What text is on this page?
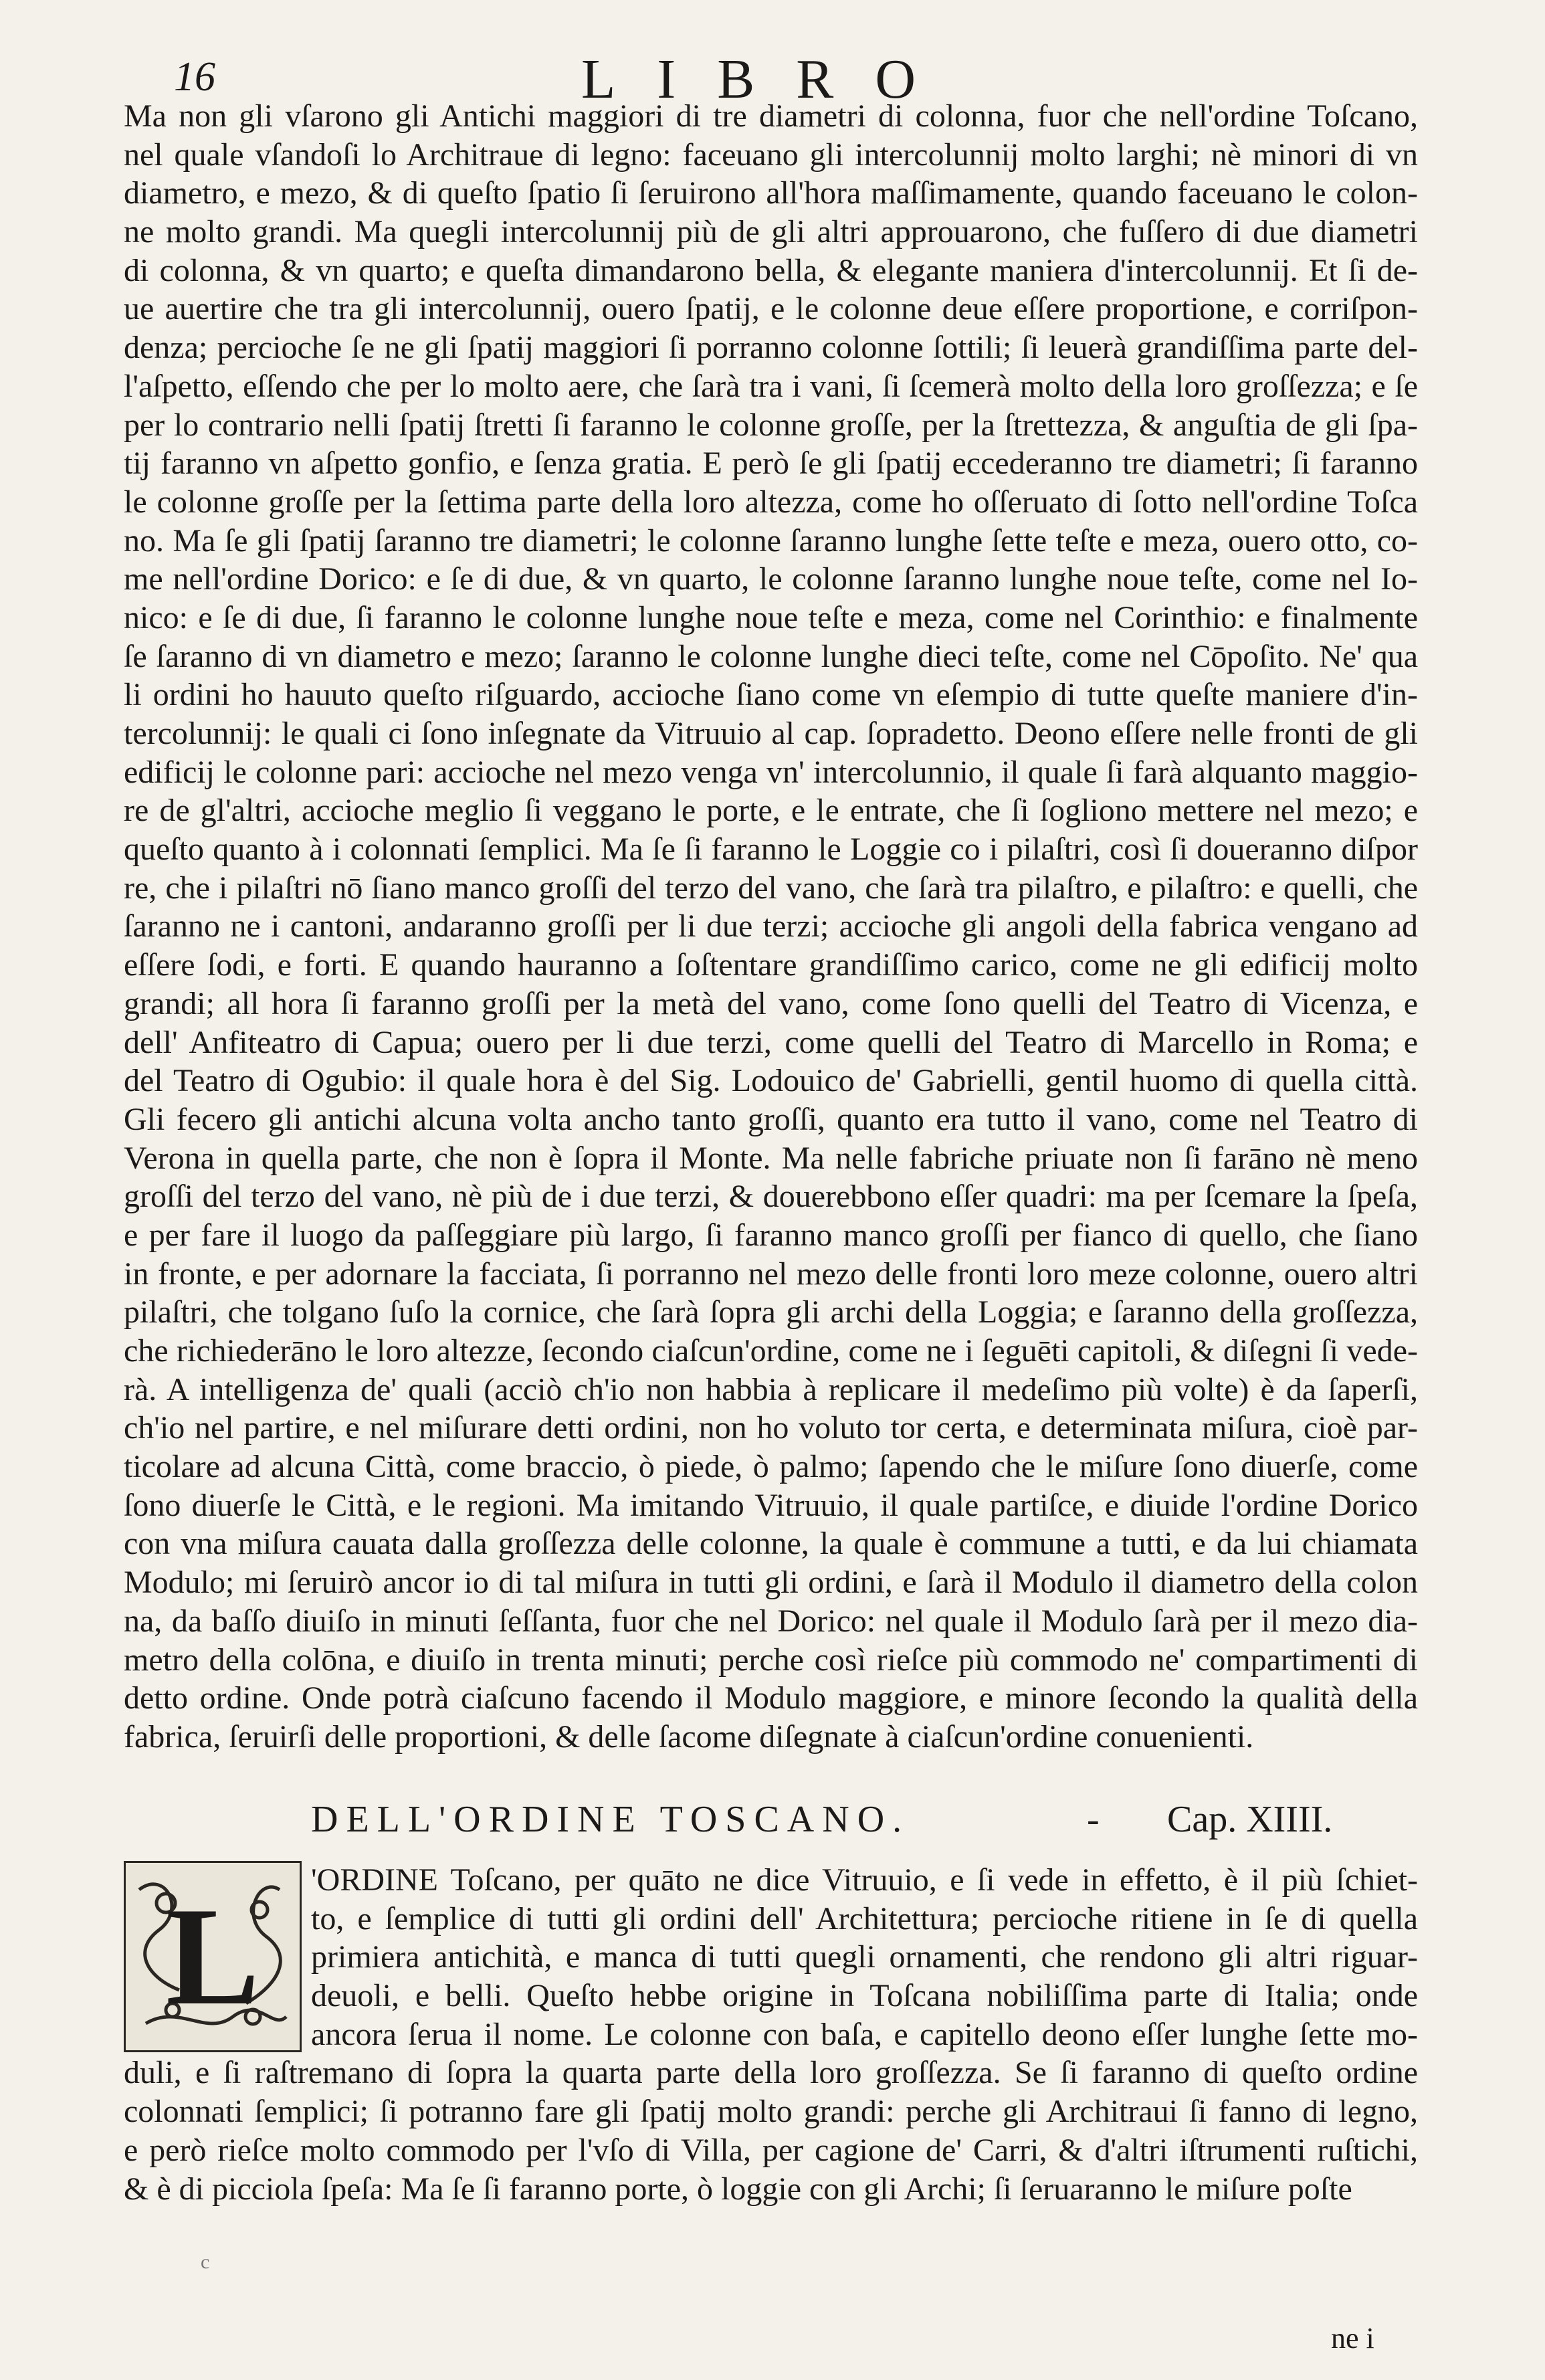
16	LIBRO
Ma non gli vſarono gli Antichi maggiori di tre diametri di colonna, fuor che nell'ordine Toſcano,
nel quale vſandoſi lo Architraue di legno: faceuano gli intercolunnij molto larghi; nè minori di vn
diametro, e mezo, & di queſto ſpatio ſi ſeruirono all'hora maſſimamente, quando faceuano le colon-
ne molto grandi. Ma quegli intercolunnij più de gli altri approuarono, che fuſſero di due diametri
di colonna, & vn quarto; e queſta dimandarono bella, & elegante maniera d'intercolunnij. Et ſi de-
ue auertire che tra gli intercolunnij, ouero ſpatij, e le colonne deue eſſere proportione, e corriſpon-
denza; percioche ſe ne gli ſpatij maggiori ſi porranno colonne ſottili; ſi leuerà grandiſſima parte del-
l'aſpetto, eſſendo che per lo molto aere, che ſarà tra i vani, ſi ſcemerà molto della loro groſſezza; e ſe
per lo contrario nelli ſpatij ſtretti ſi faranno le colonne groſſe, per la ſtrettezza, & anguſtia de gli ſpa-
tij faranno vn aſpetto gonfio, e ſenza gratia. E però ſe gli ſpatij eccederanno tre diametri; ſi faranno
le colonne groſſe per la ſettima parte della loro altezza, come ho oſſeruato di ſotto nell'ordine Toſca
no. Ma ſe gli ſpatij ſaranno tre diametri; le colonne ſaranno lunghe ſette teſte e meza, ouero otto, co-
me nell'ordine Dorico: e ſe di due, & vn quarto, le colonne ſaranno lunghe noue teſte, come nel Io-
nico: e ſe di due, ſi faranno le colonne lunghe noue teſte e meza, come nel Corinthio: e finalmente
ſe ſaranno di vn diametro e mezo; ſaranno le colonne lunghe dieci teſte, come nel Cōpoſito. Ne' qua
li ordini ho hauuto queſto riſguardo, accioche ſiano come vn eſempio di tutte queſte maniere d'in-
tercolunnij: le quali ci ſono inſegnate da Vitruuio al cap. ſopradetto. Deono eſſere nelle fronti de gli
edificij le colonne pari: accioche nel mezo venga vn' intercolunnio, il quale ſi farà alquanto maggio-
re de gl'altri, accioche meglio ſi veggano le porte, e le entrate, che ſi ſogliono mettere nel mezo; e
queſto quanto à i colonnati ſemplici. Ma ſe ſi faranno le Loggie co i pilaſtri, così ſi doueranno diſpor
re, che i pilaſtri nō ſiano manco groſſi del terzo del vano, che ſarà tra pilaſtro, e pilaſtro: e quelli, che
ſaranno ne i cantoni, andaranno groſſi per li due terzi; accioche gli angoli della fabrica vengano ad
eſſere ſodi, e forti. E quando hauranno a ſoſtentare grandiſſimo carico, come ne gli edificij molto
grandi; all hora ſi faranno groſſi per la metà del vano, come ſono quelli del Teatro di Vicenza, e
dell' Anfiteatro di Capua; ouero per li due terzi, come quelli del Teatro di Marcello in Roma; e
del Teatro di Ogubio: il quale hora è del Sig. Lodouico de' Gabrielli, gentil huomo di quella città.
Gli fecero gli antichi alcuna volta ancho tanto groſſi, quanto era tutto il vano, come nel Teatro di
Verona in quella parte, che non è ſopra il Monte. Ma nelle fabriche priuate non ſi farāno nè meno
groſſi del terzo del vano, nè più de i due terzi, & douerebbono eſſer quadri: ma per ſcemare la ſpeſa,
e per fare il luogo da paſſeggiare più largo, ſi faranno manco groſſi per fianco di quello, che ſiano
in fronte, e per adornare la facciata, ſi porranno nel mezo delle fronti loro meze colonne, ouero altri
pilaſtri, che tolgano ſuſo la cornice, che ſarà ſopra gli archi della Loggia; e ſaranno della groſſezza,
che richiederāno le loro altezze, ſecondo ciaſcun'ordine, come ne i ſeguēti capitoli, & diſegni ſi vede-
rà. A intelligenza de' quali (acciò ch'io non habbia à replicare il medeſimo più volte) è da ſaperſi,
ch'io nel partire, e nel miſurare detti ordini, non ho voluto tor certa, e determinata miſura, cioè par-
ticolare ad alcuna Città, come braccio, ò piede, ò palmo; ſapendo che le miſure ſono diuerſe, come
ſono diuerſe le Città, e le regioni. Ma imitando Vitruuio, il quale partiſce, e diuide l'ordine Dorico
con vna miſura cauata dalla groſſezza delle colonne, la quale è commune a tutti, e da lui chiamata
Modulo; mi ſeruirò ancor io di tal miſura in tutti gli ordini, e ſarà il Modulo il diametro della colon
na, da baſſo diuiſo in minuti ſeſſanta, fuor che nel Dorico: nel quale il Modulo ſarà per il mezo dia-
metro della colōna, e diuiſo in trenta minuti; perche così rieſce più commodo ne' compartimenti di
detto ordine. Onde potrà ciaſcuno facendo il Modulo maggiore, e minore ſecondo la qualità della
fabrica, ſeruirſi delle proportioni, & delle ſacome diſegnate à ciaſcun'ordine conuenienti.
DELL'ORDINE TOSCANO.	- Cap. XIIII.
L	'ORDINE Toſcano, per quāto ne dice Vitruuio, e ſi vede in effetto, è il più ſchiet-
to, e ſemplice di tutti gli ordini dell' Architettura; percioche ritiene in ſe di quella
primiera antichità, e manca di tutti quegli ornamenti, che rendono gli altri riguar-
deuoli, e belli. Queſto hebbe origine in Toſcana nobiliſſima parte di Italia; onde
ancora ſerua il nome. Le colonne con baſa, e capitello deono eſſer lunghe ſette mo-
duli, e ſi raſtremano di ſopra la quarta parte della loro groſſezza. Se ſi faranno di queſto ordine
colonnati ſemplici; ſi potranno fare gli ſpatij molto grandi: perche gli Architraui ſi fanno di legno,
e però rieſce molto commodo per l'vſo di Villa, per cagione de' Carri, & d'altri iſtrumenti ruſtichi,
& è di picciola ſpeſa: Ma ſe ſi faranno porte, ò loggie con gli Archi; ſi ſeruaranno le miſure poſte
c
ne i
